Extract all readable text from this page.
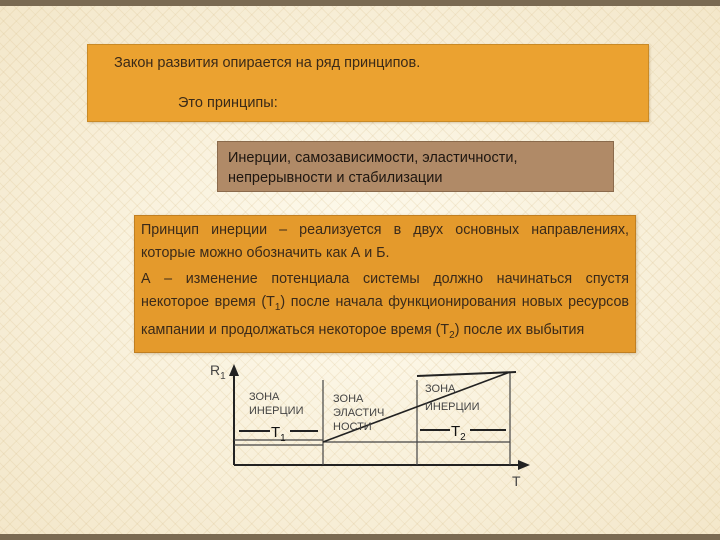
Закон развития опирается на ряд принципов.
Это принципы:

Инерции, самозависимости, эластичности,
непрерывности и стабилизации

Принцип инерции – реализуется в двух основных направлениях, которые можно обозначить как А и Б.

А – изменение потенциала системы должно начинаться спустя некоторое время $(Т_1)$ после начала функционирования новых ресурсов кампании и продолжаться некоторое время $(Т_2)$ после их выбытия

$R_1$
T
ЗОНА
ИНЕРЦИИ
ЗОНА
ЭЛАСТИЧ
НОСТИ
ЗОНА
ИНЕРЦИИ
$T_1$	$T_2$
